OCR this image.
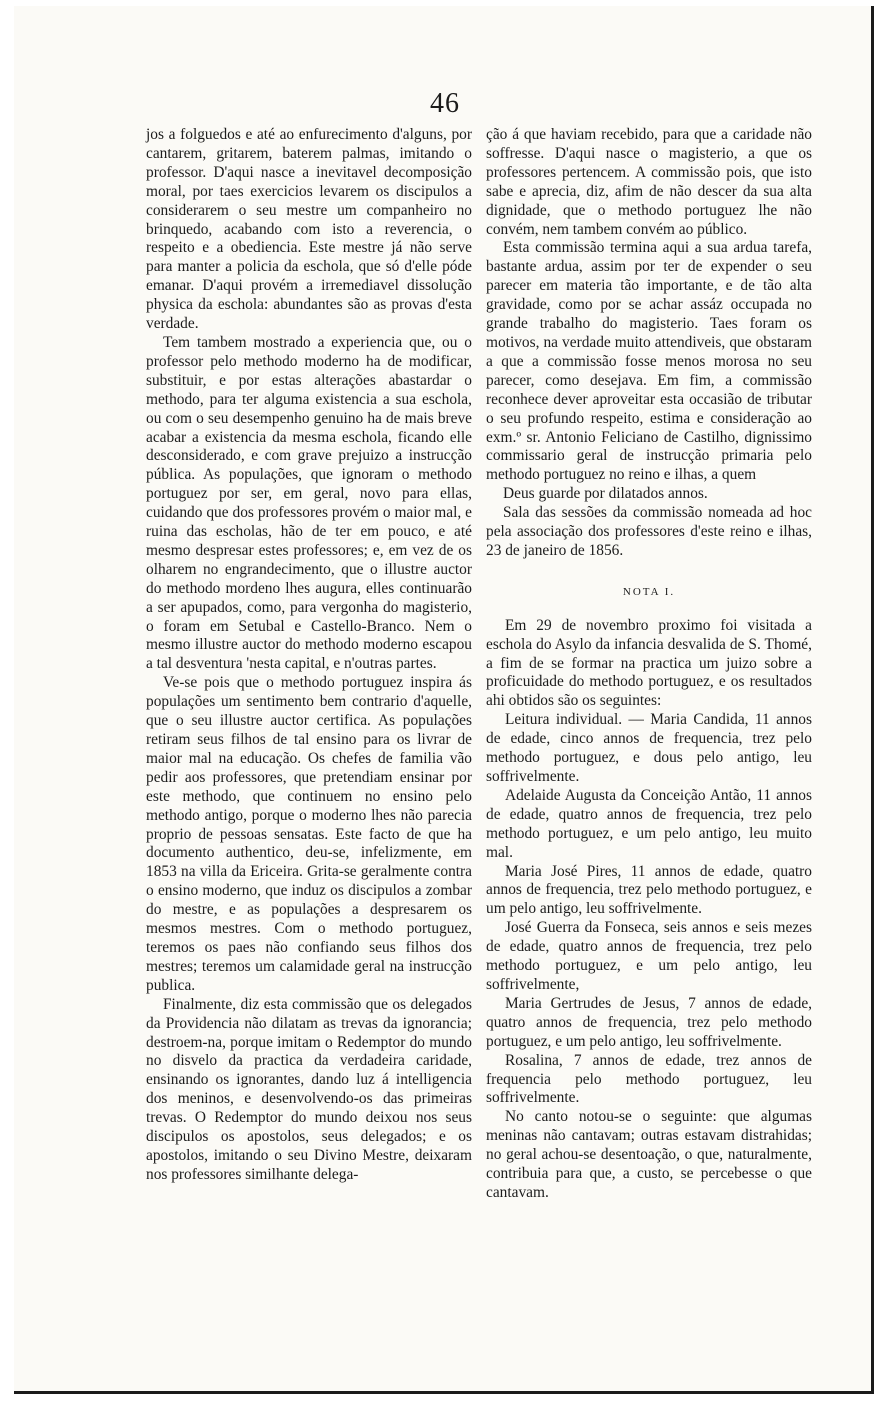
46

jos a folguedos e até ao enfurecimento d'alguns, por cantarem, gritarem, baterem palmas, imitando o professor. D'aqui nasce a inevitavel decomposição moral, por taes exercicios levarem os discipulos a considerarem o seu mestre um companheiro no brinquedo, acabando com isto a reverencia, o respeito e a obediencia. Este mestre já não serve para manter a policia da escholа, que só d'elle póde emanar. D'aqui provém a irremediavel dissolução physica da eschola: abundantes são as provas d'esta verdade.

Tem tambem mostrado a experiencia que, ou o professor pelo methodo moderno ha de modificar, substituir, e por estas alterações abastardar o methodo, para ter alguma existencia a sua eschola, ou com o seu desempenho genuino ha de mais breve acabar a existencia da mesma eschola, ficando elle desconsiderado, e com grave prejuizo a instrucção pública. As populações, que ignoram o methodo portuguez por ser, em geral, novo para ellas, cuidando que dos professores provém o maior mal, e ruina das escholas, hão de ter em pouco, e até mesmo despresar estes professores; e, em vez de os olharem no engrandecimento, que o illustre auctor do methodo mordeno lhes augura, elles continuarão a ser apupados, como, para vergonha do magisterio, o foram em Setubal e Castello-Branco. Nem o mesmo illustre auctor do methodo moderno escapou a tal desventura 'nesta capital, e n'outras partes.

Ve-se pois que o methodo portuguez inspira ás populações um sentimento bem contrario d'aquelle, que o seu illustre auctor certifica. As populações retiram seus filhos de tal ensino para os livrar de maior mal na educação. Os chefes de familia vão pedir aos professores, que pretendiam ensinar por este methodo, que continuem no ensino pelo methodo antigo, porque o moderno lhes não parecia proprio de pessoas sensatas. Este facto de que ha documento authentico, deu-se, infelizmente, em 1853 na villa da Ericeira. Grita-se geralmente contra o ensino moderno, que induz os discipulos a zombar do mestre, e as populações a despresarem os mesmos mestres. Com o methodo portuguez, teremos os paes não confiando seus filhos dos mestres; teremos um calamidade geral na instrucção publica.

Finalmente, diz esta commissão que os delegados da Providencia não dilatam as trevas da ignorancia; destroem-na, porque imitam o Redemptor do mundo no disvelo da practica da verdadeira caridade, ensinando os ignorantes, dando luz á intelligencia dos meninos, e desenvolvendo-os das primeiras trevas. O Redemptor do mundo deixou nos seus discipulos os apostolos, seus delegados; e os apostolos, imitando o seu Divino Mestre, deixaram nos professores similhante delega-

ção á que haviam recebido, para que a caridade não soffresse. D'aqui nasce o magisterio, a que os professores pertencem. A commissão pois, que isto sabe e aprecia, diz, afim de não descer da sua alta dignidade, que o methodo portuguez lhe não convém, nem tambem convém ao público.

Esta commissão termina aqui a sua ardua tarefa, bastante ardua, assim por ter de expender o seu parecer em materia tão importante, e de tão alta gravidade, como por se achar assáz occupada no grande trabalho do magisterio. Taes foram os motivos, na verdade muito attendiveis, que obstaram a que a commissão fosse menos morosa no seu parecer, como desejava. Em fim, a commissão reconhece dever aproveitar esta occasião de tributar o seu profundo respeito, estima e consideração ao exm.º sr. Antonio Feliciano de Castilho, dignissimo commissario geral de instrucção primaria pelo methodo portuguez no reino e ilhas, a quem

Deus guarde por dilatados annos.

Sala das sessões da commissão nomeada ad hoc pela associação dos professores d'este reino e ilhas, 23 de janeiro de 1856.

NOTA I.

Em 29 de novembro proximo foi visitada a eschola do Asylo da infancia desvalida de S. Thomé, a fim de se formar na practica um juizo sobre a proficuidade do methodo portuguez, e os resultados ahi obtidos são os seguintes:

Leitura individual. — Maria Candida, 11 annos de edade, cinco annos de frequencia, trez pelo methodo portuguez, e dous pelo antigo, leu soffrivelmente.

Adelaide Augusta da Conceição Antão, 11 annos de edade, quatro annos de frequencia, trez pelo methodo portuguez, e um pelo antigo, leu muito mal.

Maria José Pires, 11 annos de edade, quatro annos de frequencia, trez pelo methodo portuguez, e um pelo antigo, leu soffrivelmente.

José Guerra da Fonseca, seis annos e seis mezes de edade, quatro annos de frequencia, trez pelo methodo portuguez, e um pelo antigo, leu soffrivelmente,

Maria Gertrudes de Jesus, 7 annos de edade, quatro annos de frequencia, trez pelo methodo portuguez, e um pelo antigo, leu soffrivelmente.

Rosalina, 7 annos de edade, trez annos de frequencia pelo methodo portuguez, leu soffrivelmente.

No canto notou-se o seguinte: que algumas meninas não cantavam; outras estavam distrahidas; no geral achou-se desentoação, o que, naturalmente, contribuia para que, a custo, se percebesse o que cantavam.
